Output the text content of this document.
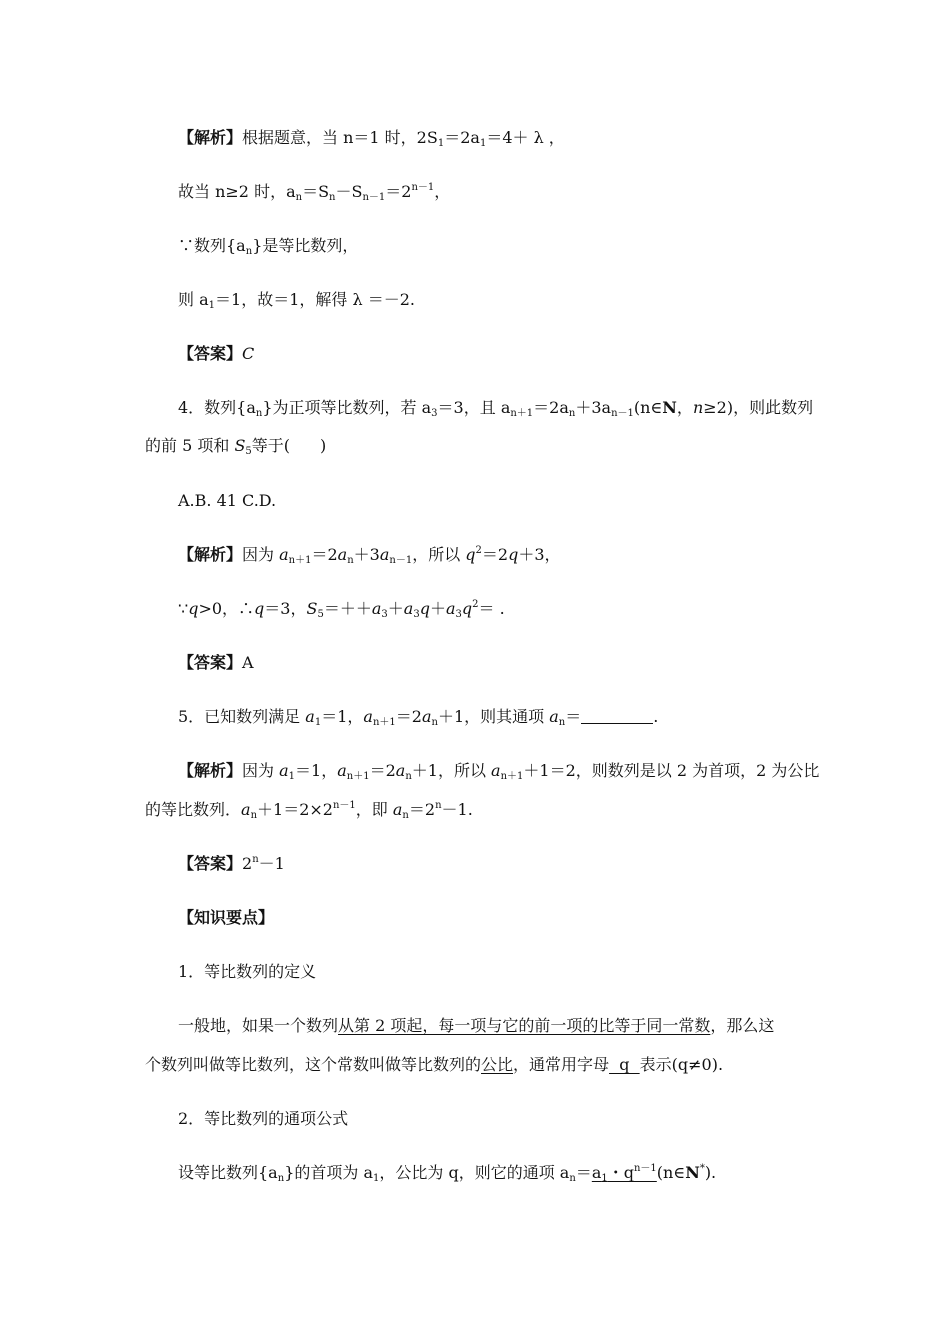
【解析】根据题意，当 n＝1 时，$2S_1=2a_1=4+ \lambda$ ，
故当 n≥2 时，$a_n=S_n-S_{n-1}=2^{n-1}$，
∵数列$\{a_n\}$是等比数列，
则 $a_1=1$，故＝1，解得 λ ＝－2.
【答案】C
4．数列$\{a_n\}$为正项等比数列，若 $a_3=3$，且 $a_{n+1}=2a_n+3a_{n-1}(n\in N$，n≥2)，则此数列
的前 5 项和 $S_5$等于( )
A.B. 41 C.D.
【解析】因为 $a_{n+1}=2a_n+3a_{n-1}$，所以 $q^2=2q+3$，
∵q>0，∴q＝3，$S_5=++a_3+a_3q+a_3q^2=$ .
【答案】A
5．已知数列满足 $a_1=1$，$a_{n+1}=2a_n+1$，则其通项 $a_n=$	.
【解析】因为 $a_1=1$，$a_{n+1}=2a_n+1$，所以 $a_{n+1}+1=2$，则数列是以 2 为首项，2 为公比
的等比数列．$a_n+1=2\times 2^{n-1}$，即 $a_n=2^n-1$.
【答案】$2^n-1$
【知识要点】
1．等比数列的定义
一般地，如果一个数列从第 2 项起，每一项与它的前一项的比等于同一常数，那么这
个数列叫做等比数列，这个常数叫做等比数列的公比，通常用字母  q  表示(q≠0).
2．等比数列的通项公式
设等比数列$\{a_n\}$的首项为 $a_1$，公比为 q，则它的通项 $a_n=a_1$・$q^{n-1}(n\in N^*)$.
